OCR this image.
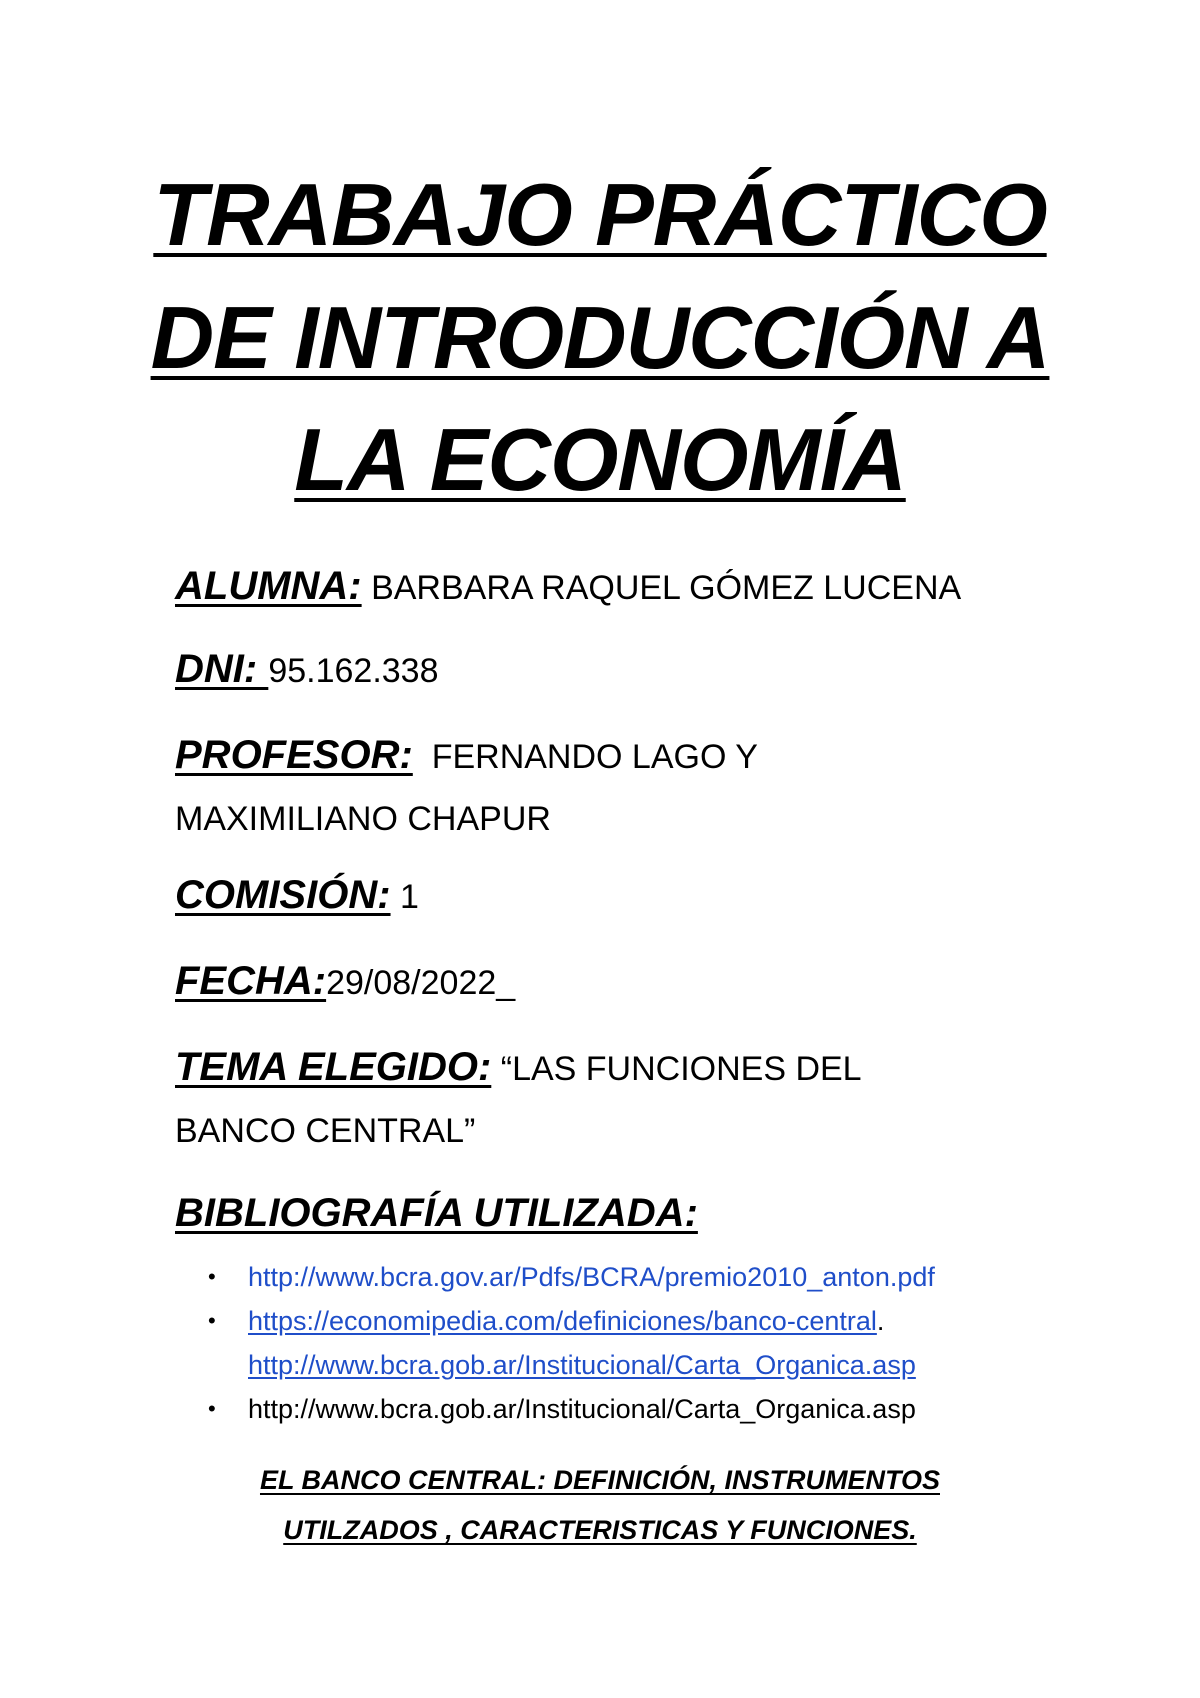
TRABAJO PRÁCTICO
DE INTRODUCCIÓN A
LA ECONOMÍA
ALUMNA: BARBARA RAQUEL GÓMEZ LUCENA
DNI: 95.162.338
PROFESOR:  FERNANDO LAGO Y
MAXIMILIANO CHAPUR
COMISIÓN: 1
FECHA:29/08/2022_
TEMA ELEGIDO: “LAS FUNCIONES DEL
BANCO CENTRAL”
BIBLIOGRAFÍA UTILIZADA:
• http://www.bcra.gov.ar/Pdfs/BCRA/premio2010_anton.pdf
• https://economipedia.com/definiciones/banco-central.
http://www.bcra.gob.ar/Institucional/Carta_Organica.asp
• http://www.bcra.gob.ar/Institucional/Carta_Organica.asp
EL BANCO CENTRAL: DEFINICIÓN, INSTRUMENTOS
UTILZADOS , CARACTERISTICAS Y FUNCIONES.
